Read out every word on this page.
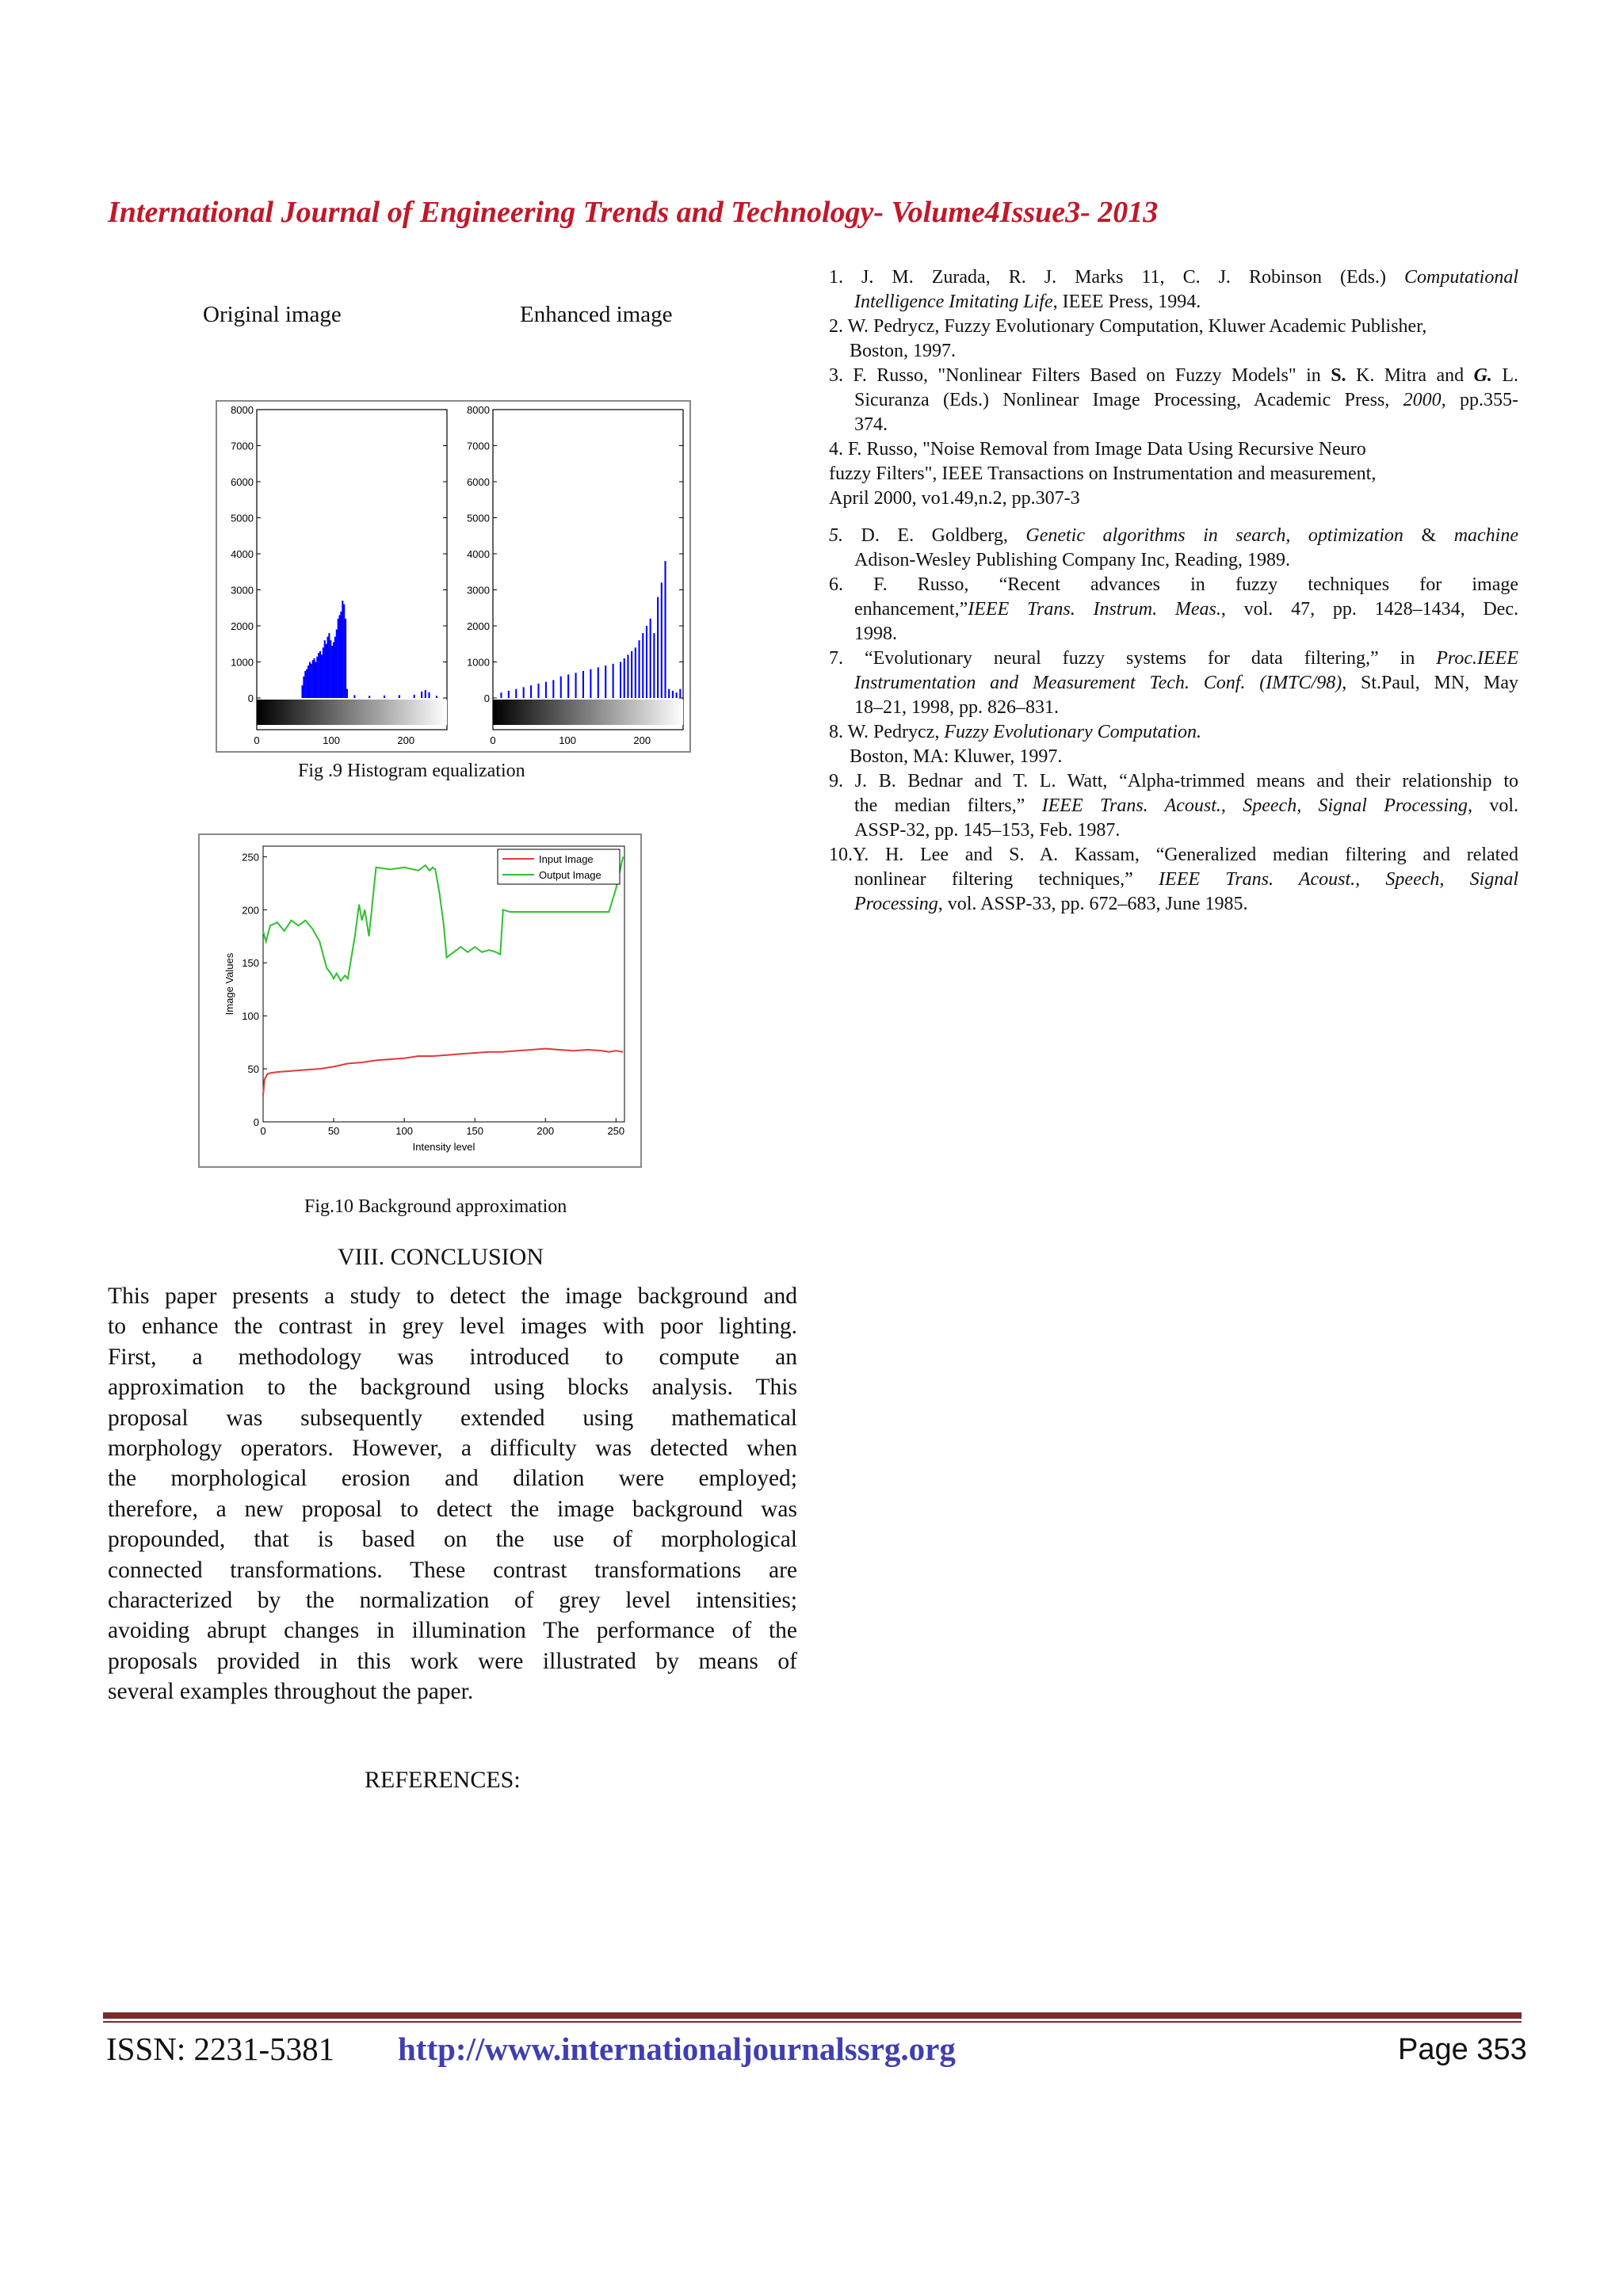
International Journal of Engineering Trends and Technology- Volume4Issue3- 2013
Original image	Enhanced image
8000
7000
6000
5000
4000
3000
2000
1000
0
0	100	200
8000
7000
6000
5000
4000
3000
2000
1000
0
0	100	200
Fig .9 Histogram equalization
0	50	100	150	200	250
250
200
150
100
50
0
Intensity level
Image Values
Input Image
Output Image
Fig.10 Background approximation
VIII. CONCLUSION
This paper presents a study to detect the image background and
to enhance the contrast in grey level images with poor lighting.
First, a methodology was introduced to compute an
approximation to the background using blocks analysis. This
proposal was subsequently extended using mathematical
morphology operators. However, a difficulty was detected when
the morphological erosion and dilation were employed;
therefore, a new proposal to detect the image background was
propounded, that is based on the use of morphological
connected transformations. These contrast transformations are
characterized by the normalization of grey level intensities;
avoiding abrupt changes in illumination The performance of the
proposals provided in this work were illustrated by means of
several examples throughout the paper.
REFERENCES:
1. J. M. Zurada, R. J. Marks 11, C. J. Robinson (Eds.) Computational
Intelligence Imitating Life, IEEE Press, 1994.
2. W. Pedrycz, Fuzzy Evolutionary Computation, Kluwer Academic Publisher,
Boston, 1997.
3. F. Russo, "Nonlinear Filters Based on Fuzzy Models" in S. K. Mitra and G. L.
Sicuranza (Eds.) Nonlinear Image Processing, Academic Press, 2000, pp.355-
374.
4. F. Russo, "Noise Removal from Image Data Using Recursive Neuro
fuzzy Filters", IEEE Transactions on Instrumentation and measurement,
April 2000, vo1.49,n.2, pp.307-3
5. D. E. Goldberg, Genetic algorithms in search, optimization & machine
Adison-Wesley Publishing Company Inc, Reading, 1989.
6. F. Russo, “Recent advances in fuzzy techniques for image
enhancement,”IEEE Trans. Instrum. Meas., vol. 47, pp. 1428–1434, Dec.
1998.
7. “Evolutionary neural fuzzy systems for data filtering,” in Proc.IEEE
Instrumentation and Measurement Tech. Conf. (IMTC/98), St.Paul, MN, May
18–21, 1998, pp. 826–831.
8. W. Pedrycz, Fuzzy Evolutionary Computation.
Boston, MA: Kluwer, 1997.
9. J. B. Bednar and T. L. Watt, “Alpha-trimmed means and their relationship to
the median filters,” IEEE Trans. Acoust., Speech, Signal Processing, vol.
ASSP-32, pp. 145–153, Feb. 1987.
10.Y. H. Lee and S. A. Kassam, “Generalized median filtering and related
nonlinear filtering techniques,” IEEE Trans. Acoust., Speech, Signal
Processing, vol. ASSP-33, pp. 672–683, June 1985.
ISSN: 2231-5381 http://www.internationaljournalssrg.org	Page 353
